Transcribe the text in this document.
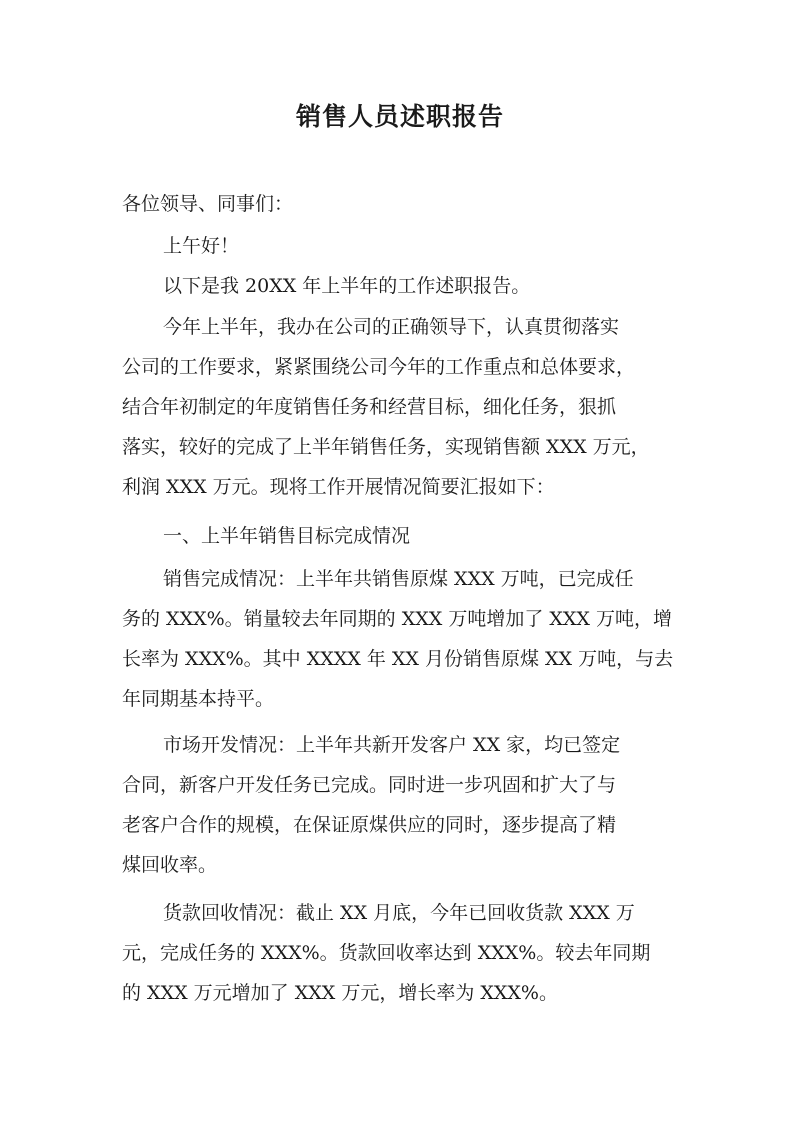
销售人员述职报告
各位领导、同事们：
上午好！
以下是我 20XX 年上半年的工作述职报告。
今年上半年，我办在公司的正确领导下，认真贯彻落实
公司的工作要求，紧紧围绕公司今年的工作重点和总体要求，
结合年初制定的年度销售任务和经营目标，细化任务，狠抓
落实，较好的完成了上半年销售任务，实现销售额 XXX 万元，
利润 XXX 万元。现将工作开展情况简要汇报如下：
一、上半年销售目标完成情况
销售完成情况：上半年共销售原煤 XXX 万吨，已完成任
务的 XXX%。销量较去年同期的 XXX 万吨增加了 XXX 万吨，增
长率为 XXX%。其中 XXXX 年 XX 月份销售原煤 XX 万吨，与去
年同期基本持平。
市场开发情况：上半年共新开发客户 XX 家，均已签定
合同，新客户开发任务已完成。同时进一步巩固和扩大了与
老客户合作的规模，在保证原煤供应的同时，逐步提高了精
煤回收率。
货款回收情况：截止 XX 月底，今年已回收货款 XXX 万
元，完成任务的 XXX%。货款回收率达到 XXX%。较去年同期
的 XXX 万元增加了 XXX 万元，增长率为 XXX%。
